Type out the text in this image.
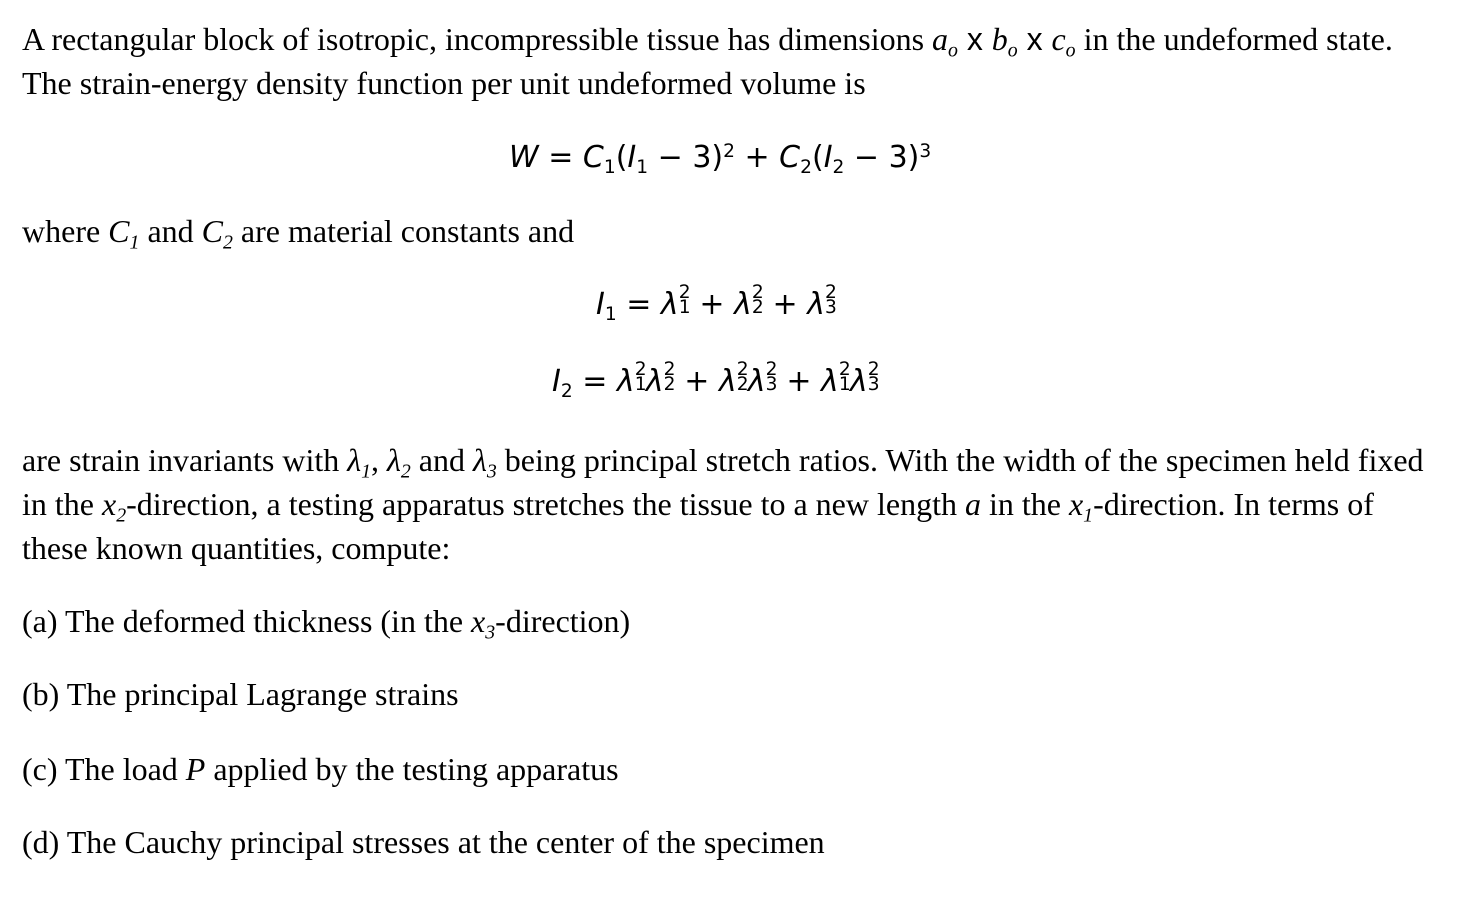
A rectangular block of isotropic, incompressible tissue has dimensions $a_o$ x $b_o$ x $c_o$ in the undeformed state. The strain-energy density function per unit undeformed volume is

$W = C_1(I_1 - 3)^2 + C_2(I_2 - 3)^3$

where $C_1$ and $C_2$ are material constants and

$I_1 = \lambda$ 2
1 + λ 2
2 + λ 2
3
$I_2 = \lambda$ 2
1 λ 2
2 + λ 2
2 λ 2
3 + λ 2
1 λ 2
3

are strain invariants with $\lambda_1$, $\lambda_2$ and $\lambda_3$ being principal stretch ratios. With the width of the specimen held fixed in the $x_2$-direction, a testing apparatus stretches the tissue to a new length a in the $x_1$-direction. In terms of these known quantities, compute:

(a) The deformed thickness (in the $x_3-direction$)

(b) The principal Lagrange strains

(c) The load P applied by the testing apparatus

(d) The Cauchy principal stresses at the center of the specimen
